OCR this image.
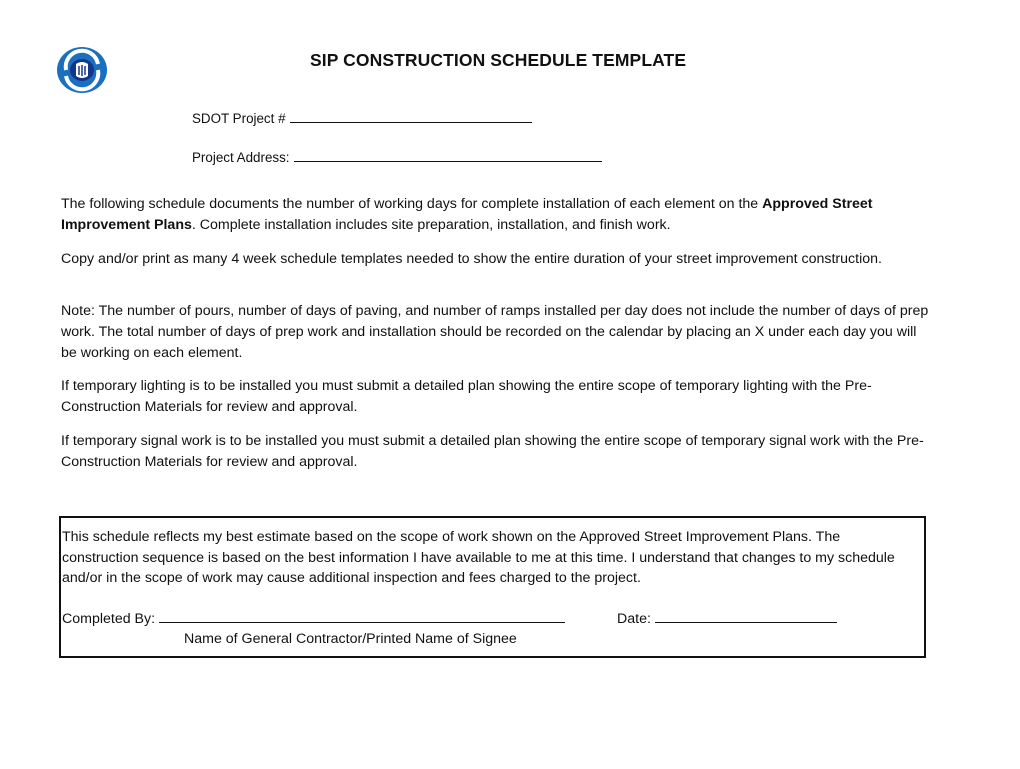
SIP CONSTRUCTION SCHEDULE TEMPLATE
SDOT Project #
Project Address:
The following schedule documents the number of working days for complete installation of each element on the Approved Street Improvement Plans. Complete installation includes site preparation, installation, and finish work.
Copy and/or print as many 4 week schedule templates needed to show the entire duration of your street improvement construction.
Note: The number of pours, number of days of paving, and number of ramps installed per day does not include the number of days of prep work. The total number of days of prep work and installation should be recorded on the calendar by placing an X under each day you will be working on each element.
If temporary lighting is to be installed you must submit a detailed plan showing the entire scope of temporary lighting with the Pre-Construction Materials for review and approval.
If temporary signal work is to be installed you must submit a detailed plan showing the entire scope of temporary signal work with the Pre-Construction Materials for review and approval.
This schedule reflects my best estimate based on the scope of work shown on the Approved Street Improvement Plans. The construction sequence is based on the best information I have available to me at this time. I understand that changes to my schedule and/or in the scope of work may cause additional inspection and fees charged to the project.
Completed By:	Date:
Name of General Contractor/Printed Name of Signee
